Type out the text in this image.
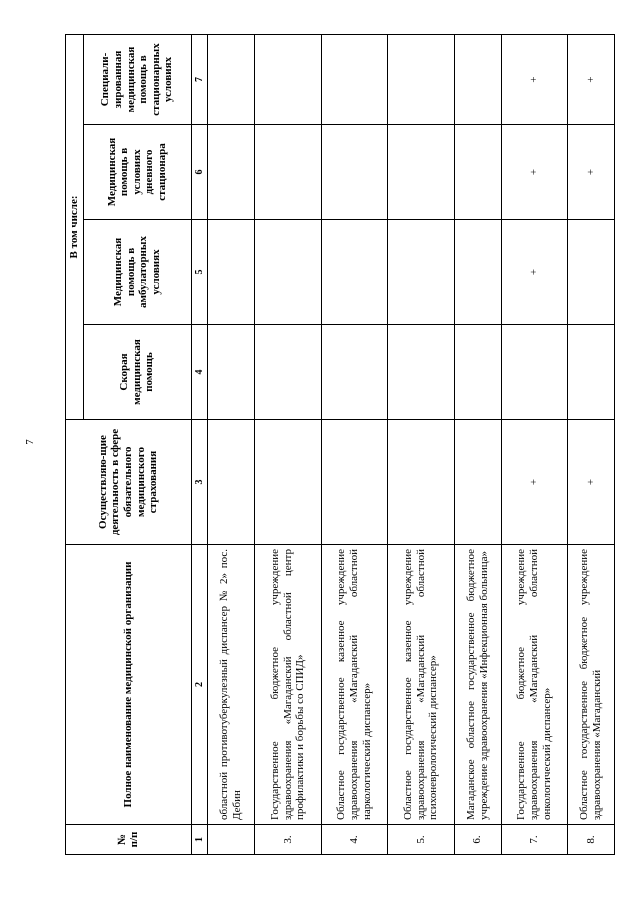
7
№ п/п	Полное наименование медицинской организации	Осуществляю-щие деятельность в сфере обязательного медицинского страхования	В том числе:			
			Скорая медицинская помощь	Медицинская помощь в амбулаторных условиях	Медицинская помощь в условиях дневного стационара	Специали-зированная медицинская помощь в стационарных условиях
1	2	3	4	5	6	7
	областной противотуберкулезный диспансер № 2» пос. Дебин					
3.	Государственное бюджетное учреждение здравоохранения «Магаданский областной центр профилактики и борьбы со СПИД»					
4.	Областное государственное казенное учреждение здравоохранения «Магаданский областной наркологический диспансер»					
5.	Областное государственное казенное учреждение здравоохранения «Магаданский областной психоневрологический диспансер»					
6.	Магаданское областное государственное бюджетное учреждение здравоохранения «Инфекционная больница»					
7.	Государственное бюджетное учреждение здравоохранения «Магаданский областной онкологический диспансер»	+		+	+	+
8.	Областное государственное бюджетное учреждение здравоохранения «Магаданский	+			+	+
